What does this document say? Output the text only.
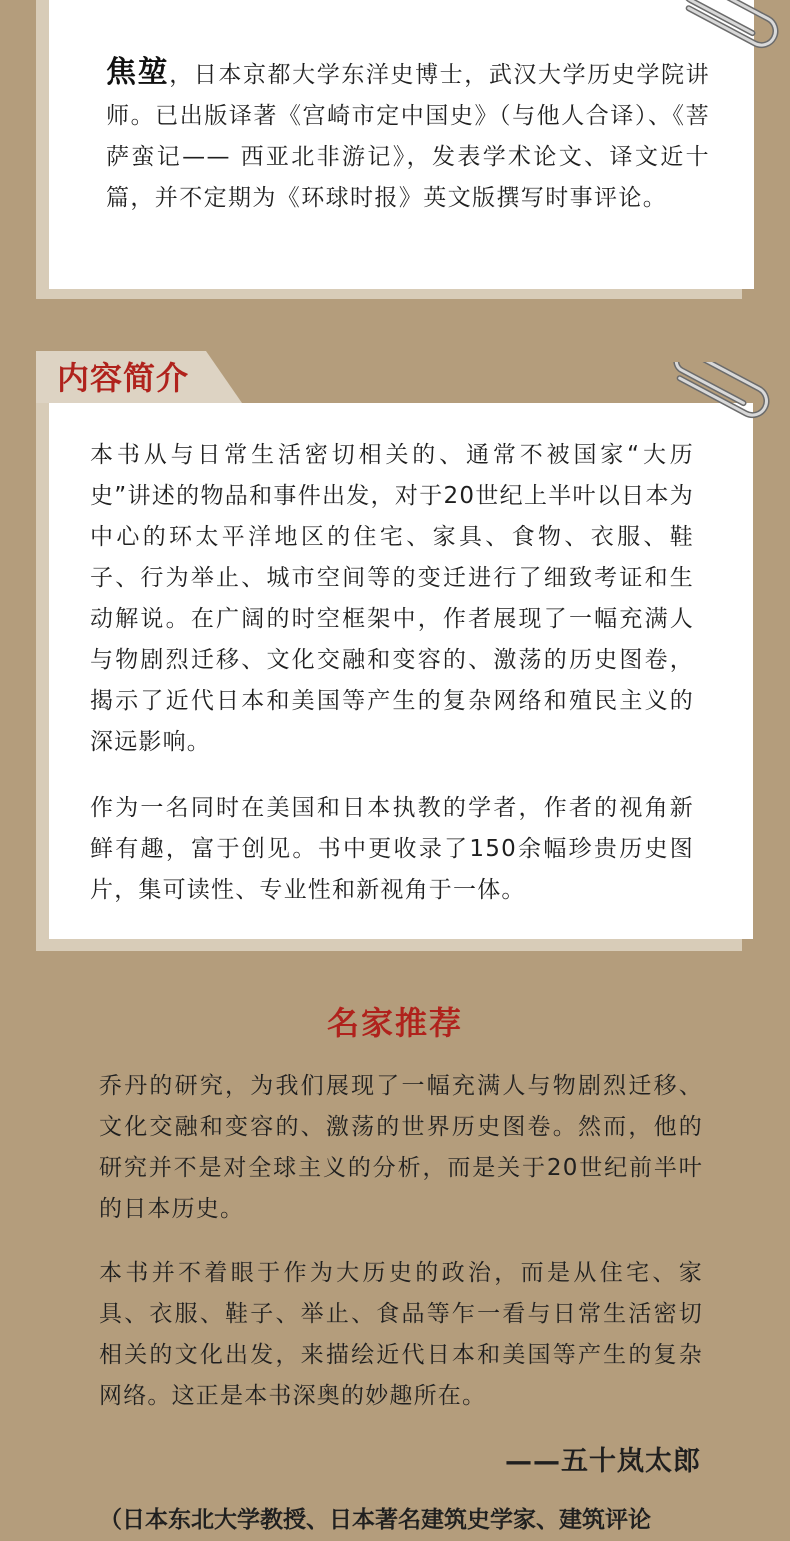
焦堃，日本京都大学东洋史博士，武汉大学历史学院讲师。已出版译著《宫崎市定中国史》（与他人合译）、《菩萨蛮记—— 西亚北非游记》，发表学术论文、译文近十篇，并不定期为《环球时报》英文版撰写时事评论。

内容简介

本书从与日常生活密切相关的、通常不被国家“大历史”讲述的物品和事件出发，对于20世纪上半叶以日本为中心的环太平洋地区的住宅、家具、食物、衣服、鞋子、行为举止、城市空间等的变迁进行了细致考证和生动解说。在广阔的时空框架中，作者展现了一幅充满人与物剧烈迁移、文化交融和变容的、激荡的历史图卷，揭示了近代日本和美国等产生的复杂网络和殖民主义的深远影响。

作为一名同时在美国和日本执教的学者，作者的视角新鲜有趣，富于创见。书中更收录了150余幅珍贵历史图片，集可读性、专业性和新视角于一体。

名家推荐

乔丹的研究，为我们展现了一幅充满人与物剧烈迁移、文化交融和变容的、激荡的世界历史图卷。然而，他的研究并不是对全球主义的分析，而是关于20世纪前半叶的日本历史。

本书并不着眼于作为大历史的政治，而是从住宅、家具、衣服、鞋子、举止、食品等乍一看与日常生活密切相关的文化出发，来描绘近代日本和美国等产生的复杂网络。这正是本书深奥的妙趣所在。

——五十岚太郎

（日本东北大学教授、日本著名建筑史学家、建筑评论
